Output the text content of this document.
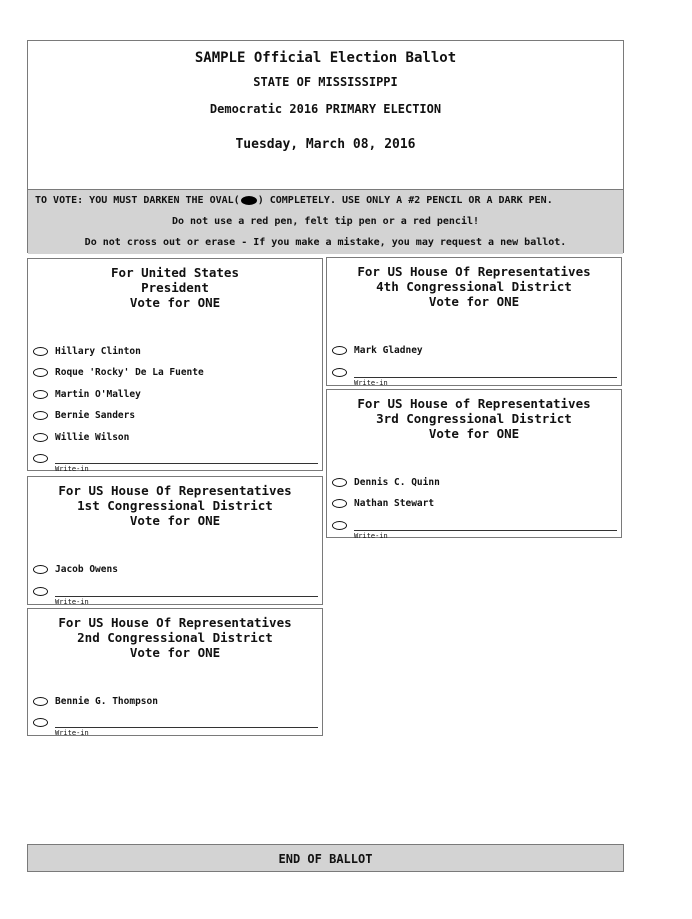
SAMPLE Official Election Ballot
STATE OF MISSISSIPPI
Democratic 2016 PRIMARY ELECTION
Tuesday, March 08, 2016
TO VOTE: YOU MUST DARKEN THE OVAL( ) COMPLETELY. USE ONLY A #2 PENCIL OR A DARK PEN.
Do not use a red pen, felt tip pen or a red pencil!
Do not cross out or erase - If you make a mistake, you may request a new ballot.
For United States
President
Vote for ONE
Hillary Clinton
Roque 'Rocky' De La Fuente
Martin O'Malley
Bernie Sanders
Willie Wilson
Write-in
For US House Of Representatives
1st Congressional District
Vote for ONE
Jacob Owens
Write-in
For US House Of Representatives
2nd Congressional District
Vote for ONE
Bennie G. Thompson
Write-in
For US House Of Representatives
4th Congressional District
Vote for ONE
Mark Gladney
Write-in
For US House of Representatives
3rd Congressional District
Vote for ONE
Dennis C. Quinn
Nathan Stewart
Write-in
END OF BALLOT
